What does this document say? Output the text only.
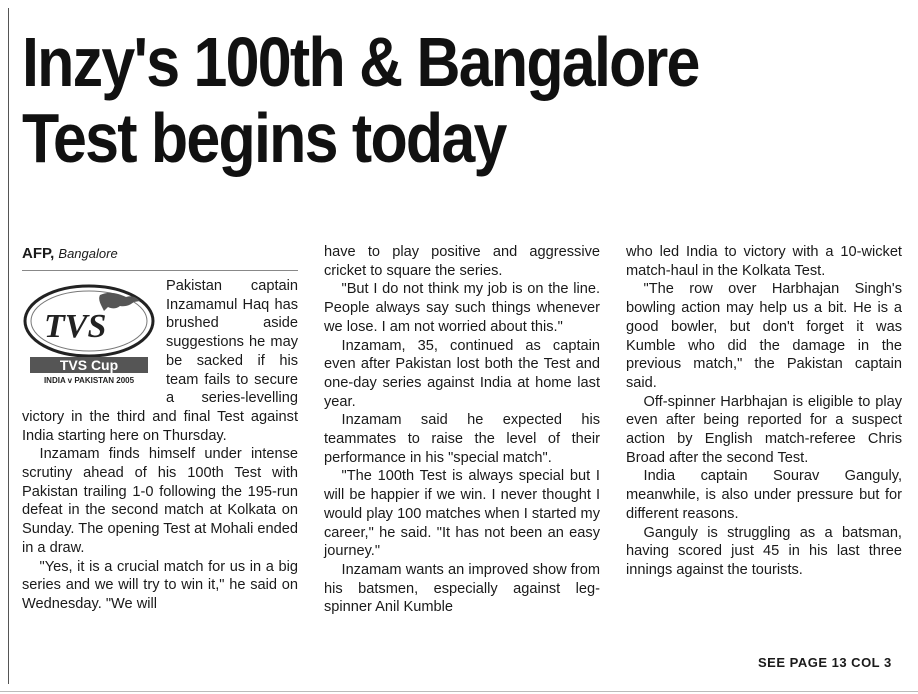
Inzy's 100th & Bangalore
Test begins today
AFP, Bangalore
TVS
TVS Cup
INDIA v PAKISTAN 2005

Pakistan captain Inzamamul Haq has brushed aside suggestions he may be sacked if his team fails to secure a series-levelling victory in the third and final Test against India starting here on Thursday.

Inzamam finds himself under intense scrutiny ahead of his 100th Test with Pakistan trailing 1-0 following the 195-run defeat in the second match at Kolkata on Sunday. The opening Test at Mohali ended in a draw.

"Yes, it is a crucial match for us in a big series and we will try to win it," he said on Wednesday. "We will

have to play positive and aggressive cricket to square the series.

"But I do not think my job is on the line. People always say such things whenever we lose. I am not worried about this."

Inzamam, 35, continued as captain even after Pakistan lost both the Test and one-day series against India at home last year.

Inzamam said he expected his teammates to raise the level of their performance in his "special match".

"The 100th Test is always special but I will be happier if we win. I never thought I would play 100 matches when I started my career," he said. "It has not been an easy journey."

Inzamam wants an improved show from his batsmen, especially against leg-spinner Anil Kumble

who led India to victory with a 10-wicket match-haul in the Kolkata Test.

"The row over Harbhajan Singh's bowling action may help us a bit. He is a good bowler, but don't forget it was Kumble who did the damage in the previous match," the Pakistan captain said.

Off-spinner Harbhajan is eligible to play even after being reported for a suspect action by English match-referee Chris Broad after the second Test.

India captain Sourav Ganguly, meanwhile, is also under pressure but for different reasons.

Ganguly is struggling as a batsman, having scored just 45 in his last three innings against the tourists.

SEE PAGE 13 COL 3
